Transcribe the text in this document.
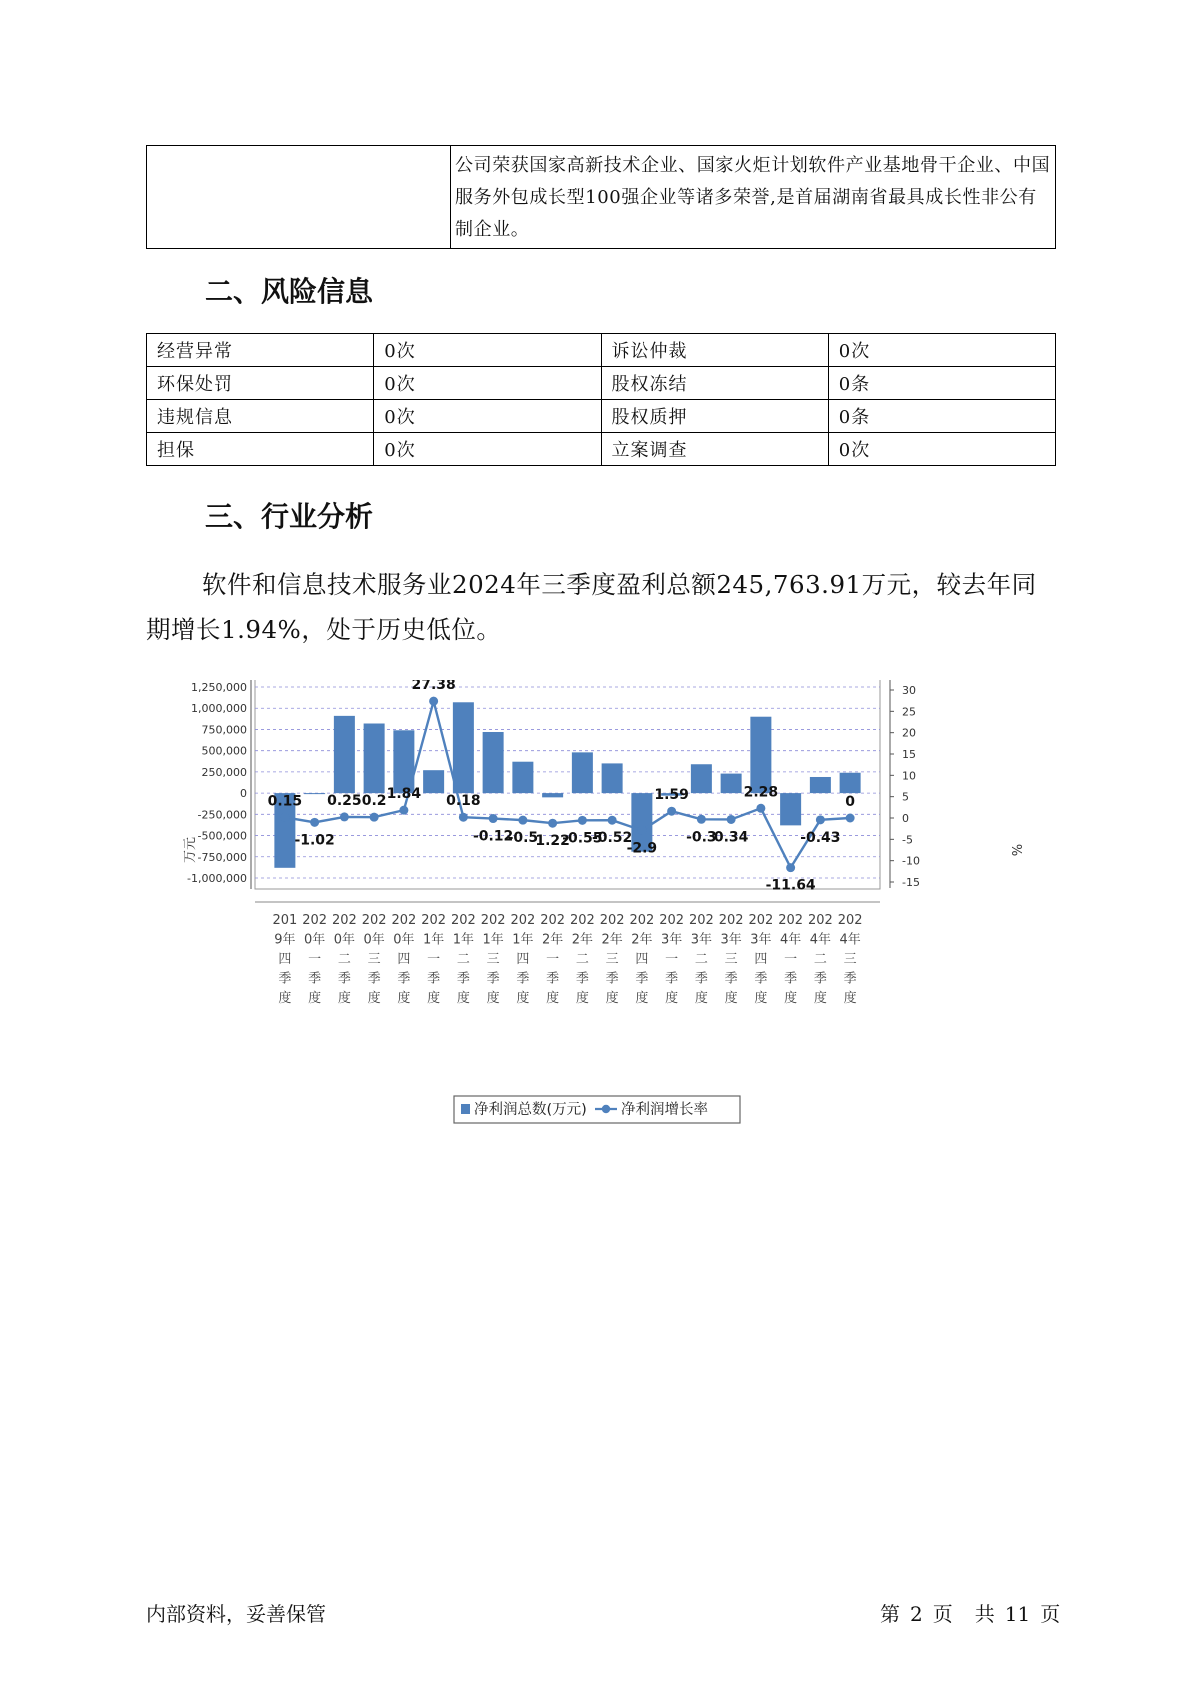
	公司荣获国家高新技术企业、国家火炬计划软件产业基地骨干企业、中国服务外包成长型100强企业等诸多荣誉,是首届湖南省最具成长性非公有制企业。
二、风险信息
经营异常	0次	诉讼仲裁	0次
环保处罚	0次	股权冻结	0条
违规信息	0次	股权质押	0条
担保	0次	立案调查	0次
三、行业分析

软件和信息技术服务业2024年三季度盈利总额245,763.91万元，较去年同期增长1.94%，处于历史低位。

1,250,000
1,000,000
750,000
500,000
250,000
0
-250,000
-500,000
-750,000
-1,000,000
30
25
20
15
10
5
0
-5
-10
-15
0.15
-1.02
0.25 0.2 1.84
27.38
0.18
-0.12
-0.5
1.22
-0.55
-0.52
-2.9
1.59
-0.3
0.34
2.28
-11.64
-0.43
0
201
9年
四
季
度
202
0年
一
季
度
202
0年
二
季
度
202
0年
三
季
度
202
0年
四
季
度
202
1年
一
季
度
202
1年
二
季
度
202
1年
三
季
度
202
1年
四
季
度
202
2年
一
季
度
202
2年
二
季
度
202
2年
三
季
度
202
2年
四
季
度
202
3年
一
季
度
202
3年
二
季
度
202
3年
三
季
度
202
3年
四
季
度
202
4年
一
季
度
202
4年
二
季
度
202
4年
三
季
度
万元	%
净利润总数(万元) 净利润增长率

内部资料，妥善保管	第 2 页 共 11 页
